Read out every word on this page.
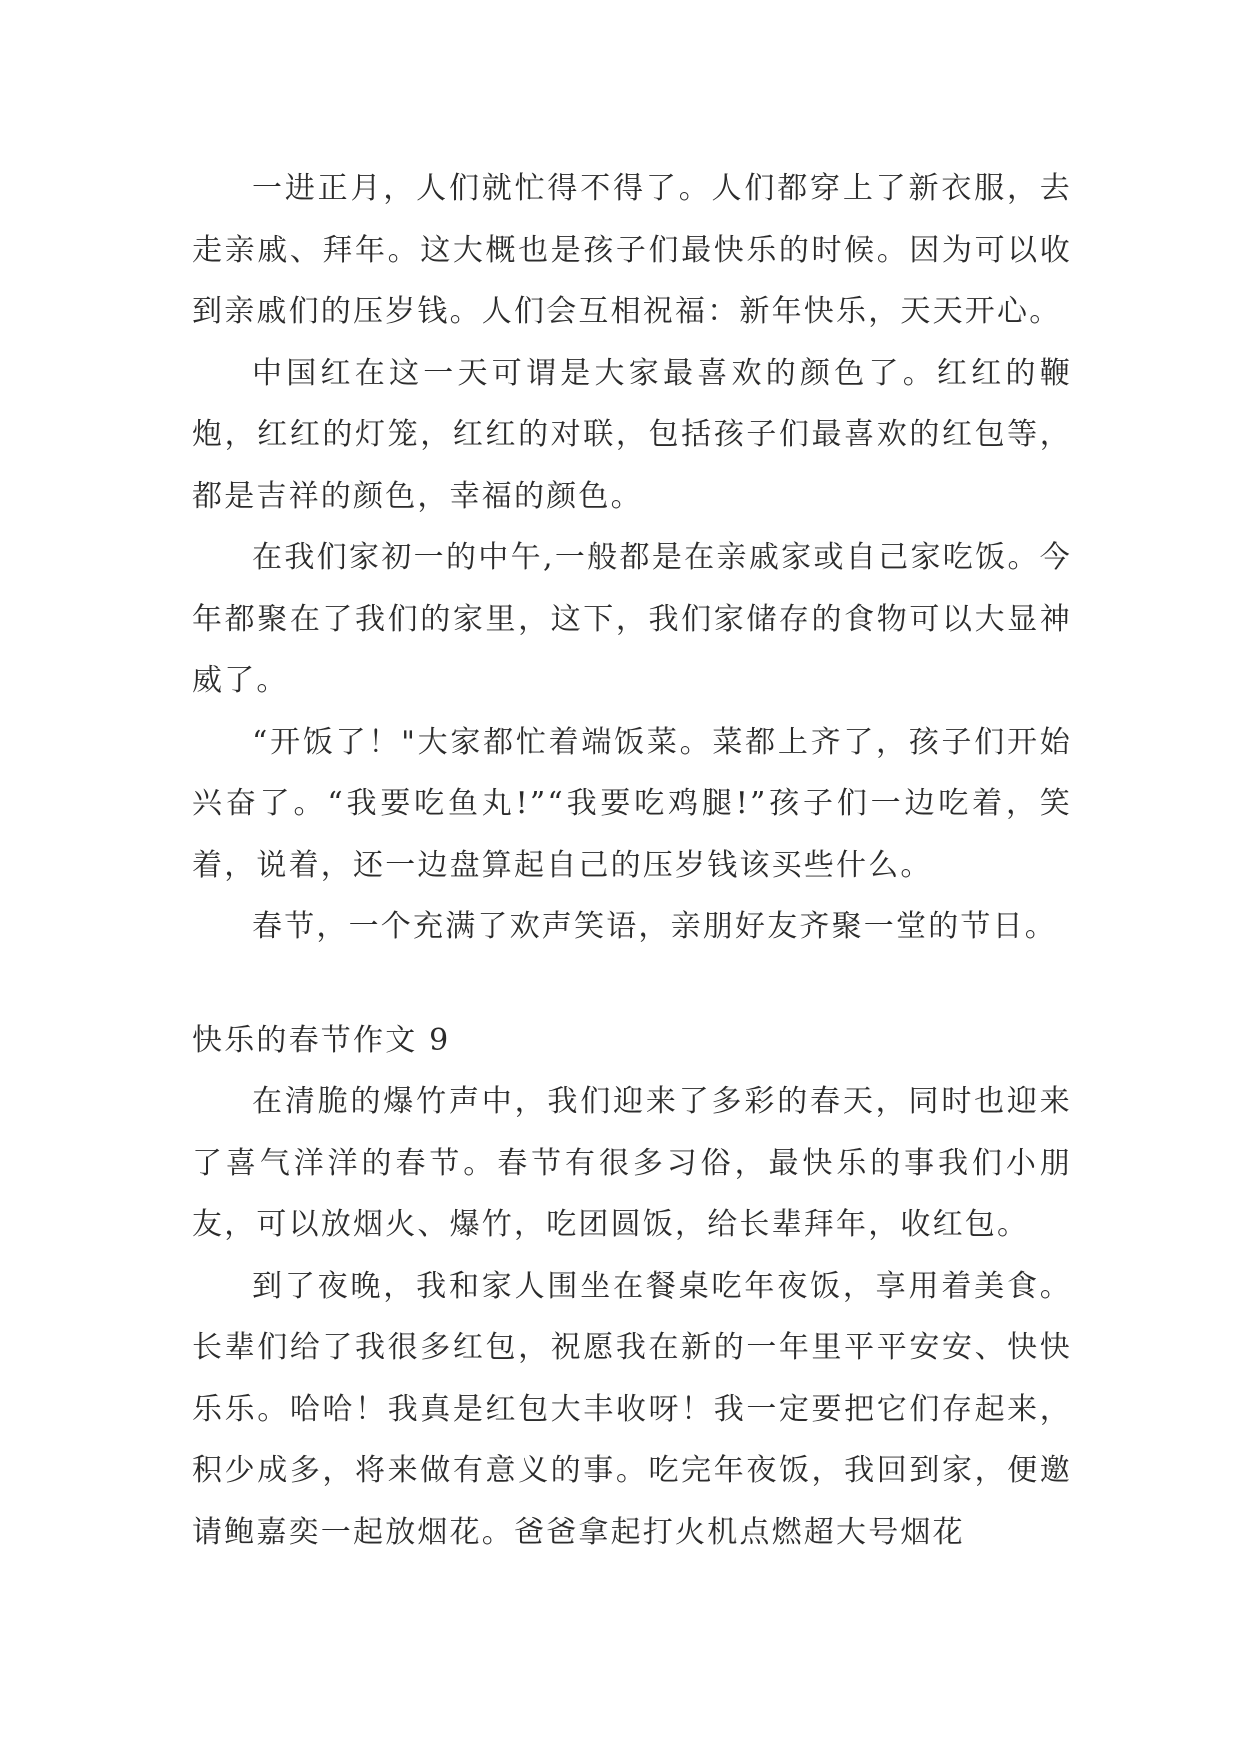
一进正月，人们就忙得不得了。人们都穿上了新衣服，去走亲戚、拜年。这大概也是孩子们最快乐的时候。因为可以收到亲戚们的压岁钱。人们会互相祝福：新年快乐，天天开心。

中国红在这一天可谓是大家最喜欢的颜色了。红红的鞭炮，红红的灯笼，红红的对联，包括孩子们最喜欢的红包等，都是吉祥的颜色，幸福的颜色。

在我们家初一的中午,一般都是在亲戚家或自己家吃饭。今年都聚在了我们的家里，这下，我们家储存的食物可以大显神威了。

“开饭了！"大家都忙着端饭菜。菜都上齐了，孩子们开始兴奋了。“我要吃鱼丸!”“我要吃鸡腿!”孩子们一边吃着，笑着，说着，还一边盘算起自己的压岁钱该买些什么。

春节，一个充满了欢声笑语，亲朋好友齐聚一堂的节日。

快乐的春节作文 9

在清脆的爆竹声中，我们迎来了多彩的春天，同时也迎来了喜气洋洋的春节。春节有很多习俗，最快乐的事我们小朋友，可以放烟火、爆竹，吃团圆饭，给长辈拜年，收红包。

到了夜晚，我和家人围坐在餐桌吃年夜饭，享用着美食。长辈们给了我很多红包，祝愿我在新的一年里平平安安、快快乐乐。哈哈！我真是红包大丰收呀！我一定要把它们存起来，积少成多，将来做有意义的事。吃完年夜饭，我回到家，便邀请鲍嘉奕一起放烟花。爸爸拿起打火机点燃超大号烟花
